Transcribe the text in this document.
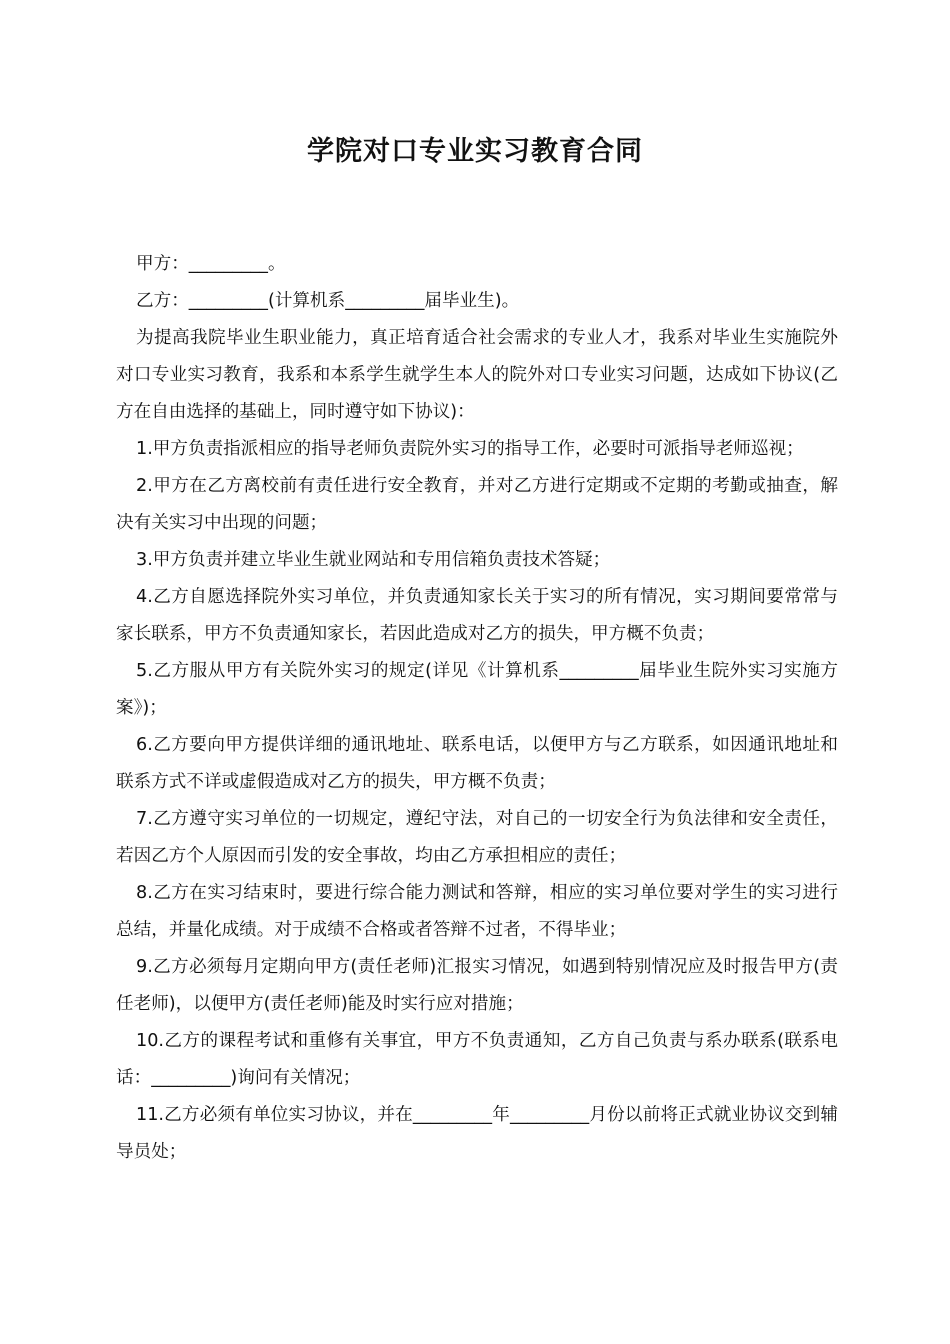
学院对口专业实习教育合同

甲方：_________。

乙方：_________(计算机系_________届毕业生)。

为提高我院毕业生职业能力，真正培育适合社会需求的专业人才，我系对毕业生实施院外对口专业实习教育，我系和本系学生就学生本人的院外对口专业实习问题，达成如下协议(乙方在自由选择的基础上，同时遵守如下协议)：

1.甲方负责指派相应的指导老师负责院外实习的指导工作，必要时可派指导老师巡视；

2.甲方在乙方离校前有责任进行安全教育，并对乙方进行定期或不定期的考勤或抽查，解决有关实习中出现的问题；

3.甲方负责并建立毕业生就业网站和专用信箱负责技术答疑；

4.乙方自愿选择院外实习单位，并负责通知家长关于实习的所有情况，实习期间要常常与家长联系，甲方不负责通知家长，若因此造成对乙方的损失，甲方概不负责；

5.乙方服从甲方有关院外实习的规定(详见《计算机系_________届毕业生院外实习实施方案》)；

6.乙方要向甲方提供详细的通讯地址、联系电话，以便甲方与乙方联系，如因通讯地址和联系方式不详或虚假造成对乙方的损失，甲方概不负责；

7.乙方遵守实习单位的一切规定，遵纪守法，对自己的一切安全行为负法律和安全责任，若因乙方个人原因而引发的安全事故，均由乙方承担相应的责任；

8.乙方在实习结束时，要进行综合能力测试和答辩，相应的实习单位要对学生的实习进行总结，并量化成绩。对于成绩不合格或者答辩不过者，不得毕业；

9.乙方必须每月定期向甲方(责任老师)汇报实习情况，如遇到特别情况应及时报告甲方(责任老师)，以便甲方(责任老师)能及时实行应对措施；

10.乙方的课程考试和重修有关事宜，甲方不负责通知，乙方自己负责与系办联系(联系电话：_________)询问有关情况；

11.乙方必须有单位实习协议，并在_________年_________月份以前将正式就业协议交到辅导员处；
